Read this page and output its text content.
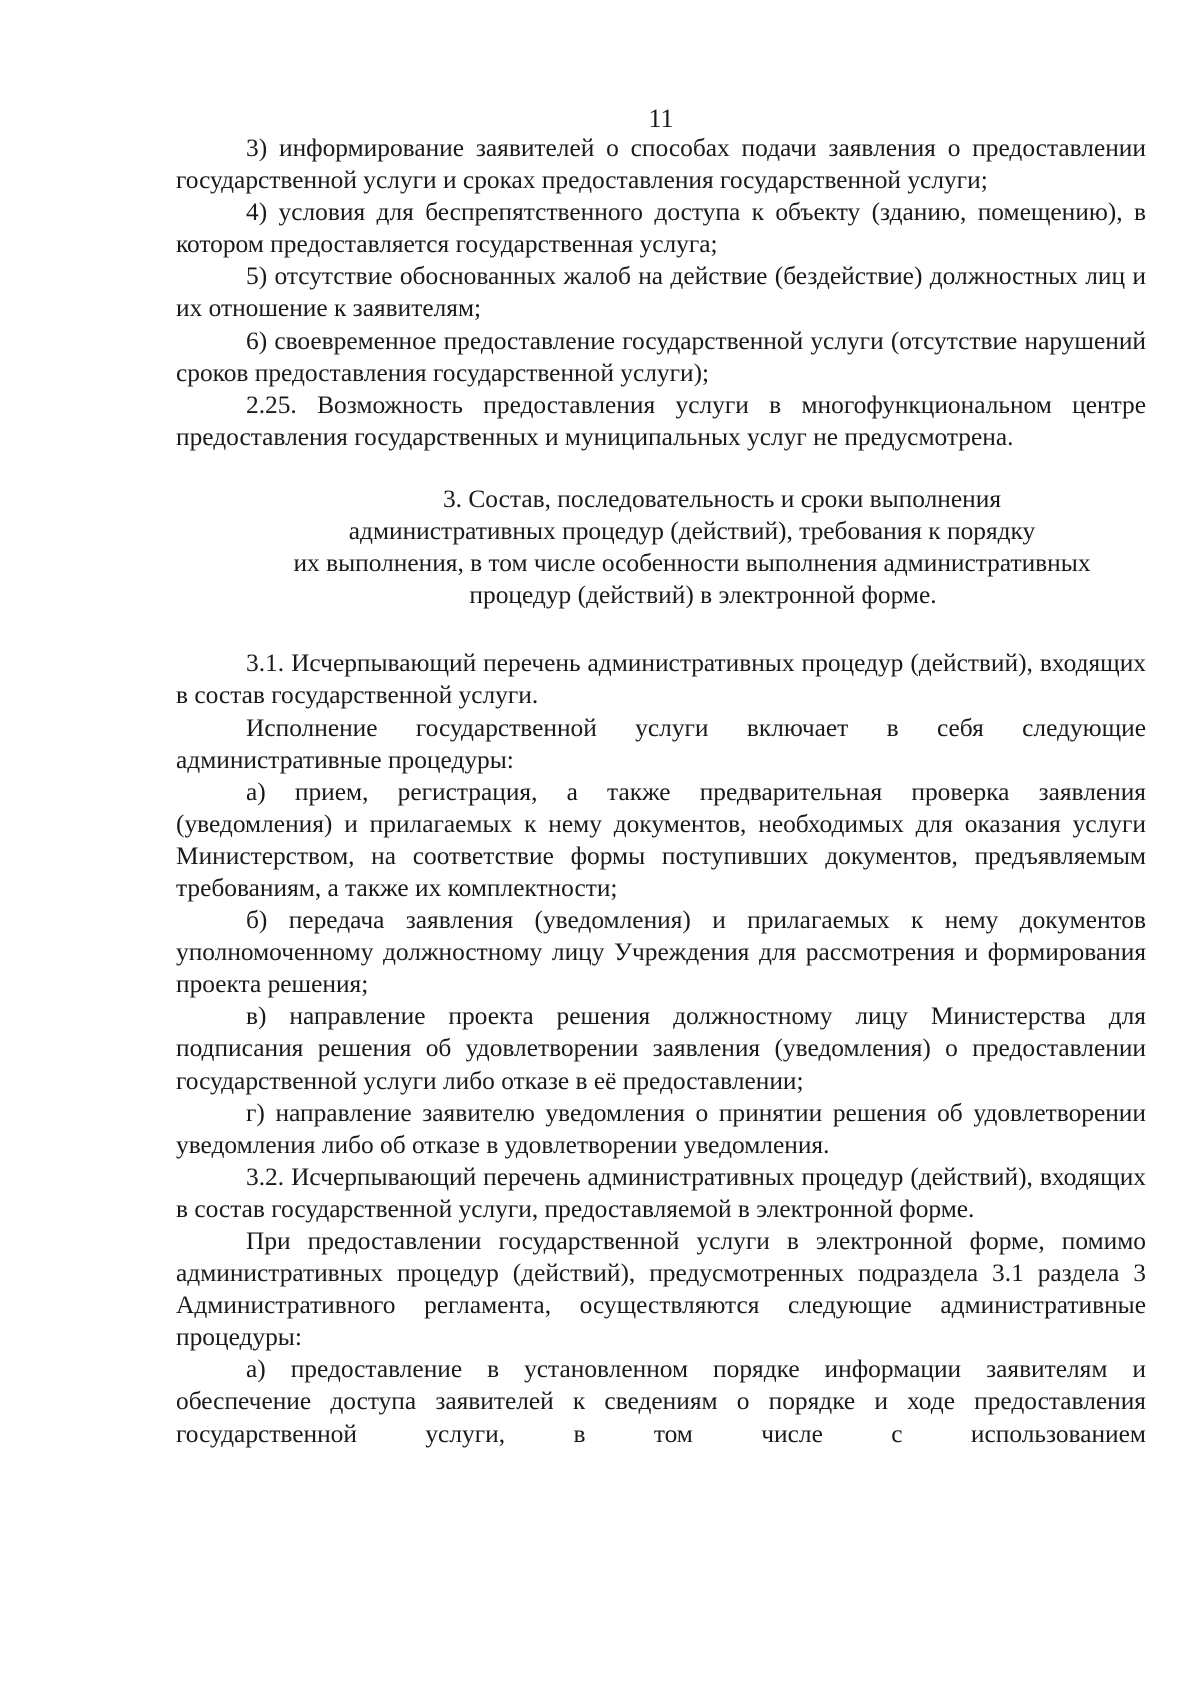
11

3) информирование заявителей о способах подачи заявления о предоставлении государственной услуги и сроках предоставления государственной услуги;

4) условия для беспрепятственного доступа к объекту (зданию, помещению), в котором предоставляется государственная услуга;

5) отсутствие обоснованных жалоб на действие (бездействие) должностных лиц и их отношение к заявителям;

6) своевременное предоставление государственной услуги (отсутствие нарушений сроков предоставления государственной услуги);

2.25. Возможность предоставления услуги в многофункциональном центре предоставления государственных и муниципальных услуг не предусмотрена.

3. Состав, последовательность и сроки выполнения
административных процедур (действий), требования к порядку
их выполнения, в том числе особенности выполнения административных
процедур (действий) в электронной форме.

3.1. Исчерпывающий перечень административных процедур (действий), входящих в состав государственной услуги.

Исполнение государственной услуги включает в себя следующие административные процедуры:

а) прием, регистрация, а также предварительная проверка заявления (уведомления) и прилагаемых к нему документов, необходимых для оказания услуги Министерством, на соответствие формы поступивших документов, предъявляемым требованиям, а также их комплектности;

б) передача заявления (уведомления) и прилагаемых к нему документов уполномоченному должностному лицу Учреждения для рассмотрения и формирования проекта решения;

в) направление проекта решения должностному лицу Министерства для подписания решения об удовлетворении заявления (уведомления) о предоставлении государственной услуги либо отказе в её предоставлении;

г) направление заявителю уведомления о принятии решения об удовлетворении уведомления либо об отказе в удовлетворении уведомления.

3.2. Исчерпывающий перечень административных процедур (действий), входящих в состав государственной услуги, предоставляемой в электронной форме.

При предоставлении государственной услуги в электронной форме, помимо административных процедур (действий), предусмотренных подраздела 3.1 раздела 3 Административного регламента, осуществляются следующие административные процедуры:

а) предоставление в установленном порядке информации заявителям и обеспечение доступа заявителей к сведениям о порядке и ходе предоставления государственной услуги, в том числе с использованием
